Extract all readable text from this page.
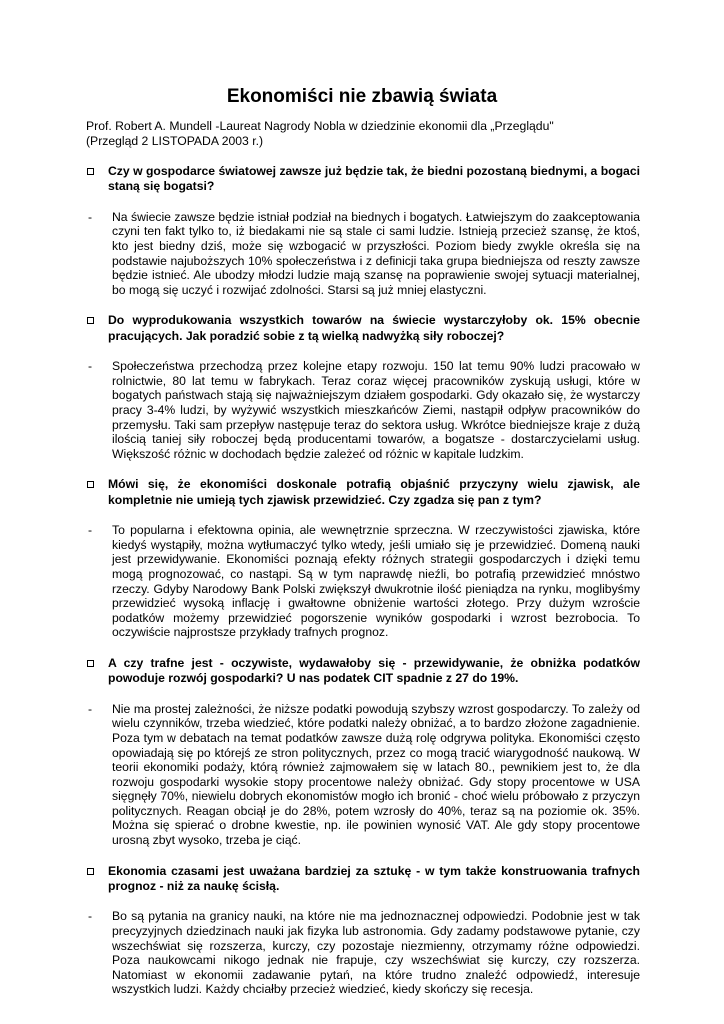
Ekonomiści nie zbawią świata
Prof. Robert A. Mundell -Laureat Nagrody Nobla w dziedzinie ekonomii dla „Przeglądu"
(Przegląd 2 LISTOPADA 2003 r.)
Czy w gospodarce światowej zawsze już będzie tak, że biedni pozostaną biednymi, a bogaci staną się bogatsi?
- Na świecie zawsze będzie istniał podział na biednych i bogatych. Łatwiejszym do zaakceptowania czyni ten fakt tylko to, iż biedakami nie są stale ci sami ludzie. Istnieją przecież szansę, że ktoś, kto jest biedny dziś, może się wzbogacić w przyszłości. Poziom biedy zwykle określa się na podstawie najuboższych 10% społeczeństwa i z definicji taka grupa biedniejsza od reszty zawsze będzie istnieć. Ale ubodzy młodzi ludzie mają szansę na poprawienie swojej sytuacji materialnej, bo mogą się uczyć i rozwijać zdolności. Starsi są już mniej elastyczni.
Do wyprodukowania wszystkich towarów na świecie wystarczyłoby ok. 15% obecnie pracujących. Jak poradzić sobie z tą wielką nadwyżką siły roboczej?
- Społeczeństwa przechodzą przez kolejne etapy rozwoju. 150 lat temu 90% ludzi pracowało w rolnictwie, 80 lat temu w fabrykach. Teraz coraz więcej pracowników zyskują usługi, które w bogatych państwach stają się najważniejszym działem gospodarki. Gdy okazało się, że wystarczy pracy 3-4% ludzi, by wyżywić wszystkich mieszkańców Ziemi, nastąpił odpływ pracowników do przemysłu. Taki sam przepływ następuje teraz do sektora usług. Wkrótce biedniejsze kraje z dużą ilością taniej siły roboczej będą producentami towarów, a bogatsze - dostarczycielami usług. Większość różnic w dochodach będzie zależeć od różnic w kapitale ludzkim.
Mówi się, że ekonomiści doskonale potrafią objaśnić przyczyny wielu zjawisk, ale kompletnie nie umieją tych zjawisk przewidzieć. Czy zgadza się pan z tym?
- To popularna i efektowna opinia, ale wewnętrznie sprzeczna. W rzeczywistości zjawiska, które kiedyś wystąpiły, można wytłumaczyć tylko wtedy, jeśli umiało się je przewidzieć. Domeną nauki jest przewidywanie. Ekonomiści poznają efekty różnych strategii gospodarczych i dzięki temu mogą prognozować, co nastąpi. Są w tym naprawdę nieźli, bo potrafią przewidzieć mnóstwo rzeczy. Gdyby Narodowy Bank Polski zwiększył dwukrotnie ilość pieniądza na rynku, moglibyśmy przewidzieć wysoką inflację i gwałtowne obniżenie wartości złotego. Przy dużym wzroście podatków możemy przewidzieć pogorszenie wyników gospodarki i wzrost bezrobocia. To oczywiście najprostsze przykłady trafnych prognoz.
A czy trafne jest - oczywiste, wydawałoby się - przewidywanie, że obniżka podatków powoduje rozwój gospodarki? U nas podatek CIT spadnie z 27 do 19%.
- Nie ma prostej zależności, że niższe podatki powodują szybszy wzrost gospodarczy. To zależy od wielu czynników, trzeba wiedzieć, które podatki należy obniżać, a to bardzo złożone zagadnienie. Poza tym w debatach na temat podatków zawsze dużą rolę odgrywa polityka. Ekonomiści często opowiadają się po którejś ze stron politycznych, przez co mogą tracić wiarygodność naukową. W teorii ekonomiki podaży, którą również zajmowałem się w latach 80., pewnikiem jest to, że dla rozwoju gospodarki wysokie stopy procentowe należy obniżać. Gdy stopy procentowe w USA sięgnęły 70%, niewielu dobrych ekonomistów mogło ich bronić - choć wielu próbowało z przyczyn politycznych. Reagan obciął je do 28%, potem wzrosły do 40%, teraz są na poziomie ok. 35%. Można się spierać o drobne kwestie, np. ile powinien wynosić VAT. Ale gdy stopy procentowe urosną zbyt wysoko, trzeba je ciąć.
Ekonomia czasami jest uważana bardziej za sztukę - w tym także konstruowania trafnych prognoz - niż za naukę ścisłą.
- Bo są pytania na granicy nauki, na które nie ma jednoznacznej odpowiedzi. Podobnie jest w tak precyzyjnych dziedzinach nauki jak fizyka lub astronomia. Gdy zadamy podstawowe pytanie, czy wszechświat się rozszerza, kurczy, czy pozostaje niezmienny, otrzymamy różne odpowiedzi. Poza naukowcami nikogo jednak nie frapuje, czy wszechświat się kurczy, czy rozszerza. Natomiast w ekonomii zadawanie pytań, na które trudno znaleźć odpowiedź, interesuje wszystkich ludzi. Każdy chciałby przecież wiedzieć, kiedy skończy się recesja.
